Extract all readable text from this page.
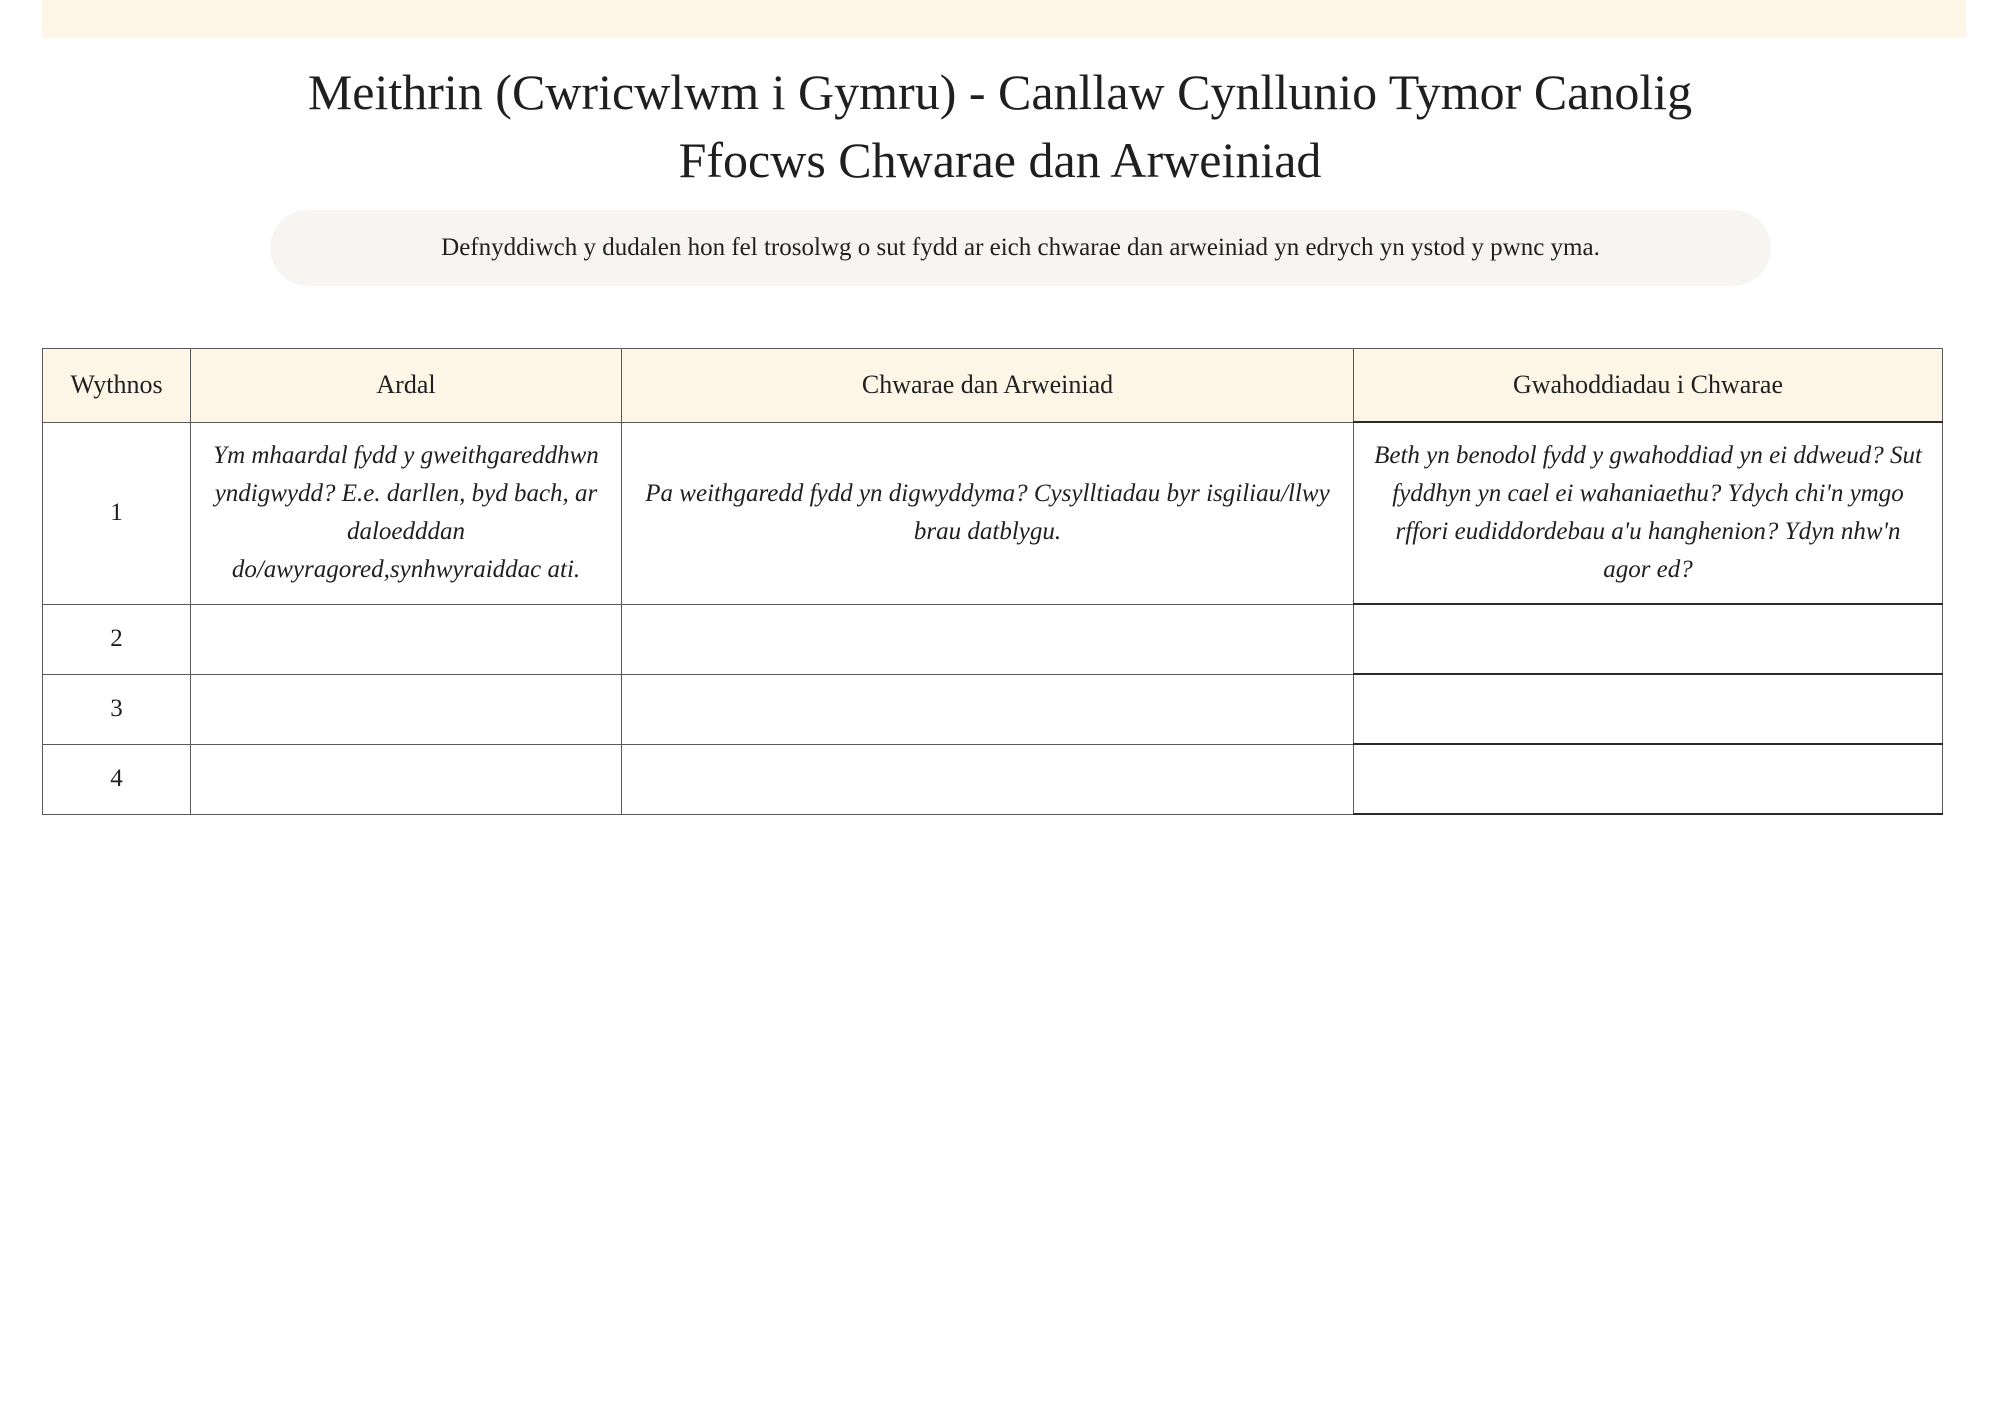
Meithrin (Cwricwlwm i Gymru) - Canllaw Cynllunio Tymor Canolig
Ffocws Chwarae dan Arweiniad
Defnyddiwch y dudalen hon fel trosolwg o sut fydd ar eich chwarae dan arweiniad yn edrych yn ystod y pwnc yma.
Wythnos	Ardal	Chwarae dan Arweiniad	Gwahoddiadau i Chwarae
1	Ym mhaardal fydd y gweithgareddhwn yndigwydd? E.e. darllen, byd bach, ar daloedddan do/awyragored,synhwyraiddac ati.	Pa weithgaredd fydd yn digwyddyma? Cysylltiadau byr isgiliau/llwy brau datblygu.	Beth yn benodol fydd y gwahoddiad yn ei ddweud? Sut fyddhyn yn cael ei wahaniaethu? Ydych chi'n ymgo rffori eudiddordebau a'u hanghenion? Ydyn nhw'n agor ed?
2			
3			
4			
